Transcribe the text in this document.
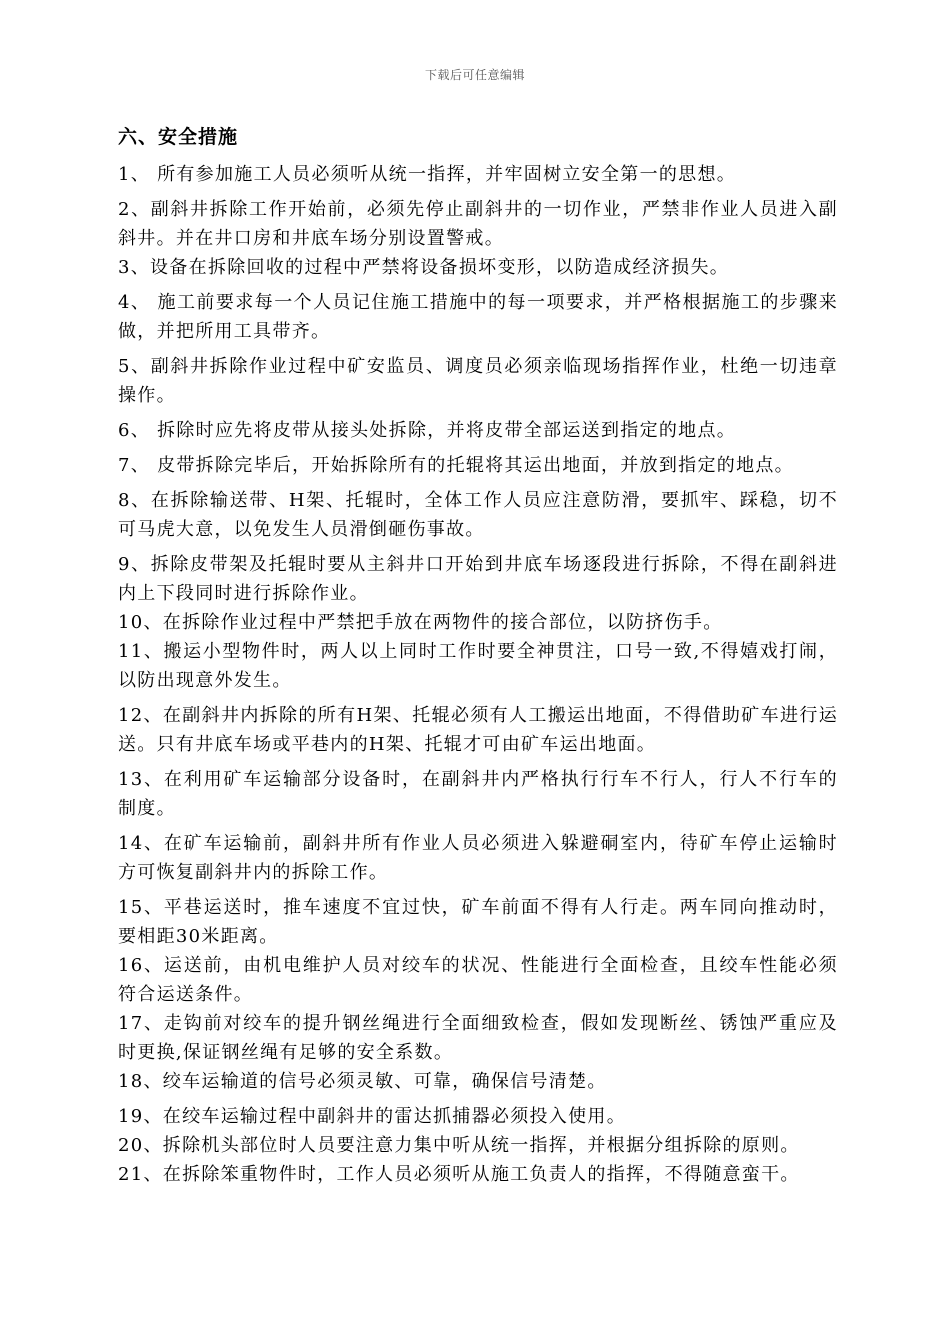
下载后可任意编辑

六、安全措施

1、 所有参加施工人员必须听从统一指挥，并牢固树立安全第一的思想。

2、副斜井拆除工作开始前，必须先停止副斜井的一切作业，严禁非作业人员进入副斜井。并在井口房和井底车场分别设置警戒。

3、设备在拆除回收的过程中严禁将设备损坏变形，以防造成经济损失。

4、 施工前要求每一个人员记住施工措施中的每一项要求，并严格根据施工的步骤来做，并把所用工具带齐。

5、副斜井拆除作业过程中矿安监员、调度员必须亲临现场指挥作业，杜绝一切违章操作。

6、 拆除时应先将皮带从接头处拆除，并将皮带全部运送到指定的地点。

7、 皮带拆除完毕后，开始拆除所有的托辊将其运出地面，并放到指定的地点。

8、在拆除输送带、H架、托辊时，全体工作人员应注意防滑，要抓牢、踩稳，切不可马虎大意，以免发生人员滑倒砸伤事故。

9、拆除皮带架及托辊时要从主斜井口开始到井底车场逐段进行拆除，不得在副斜进内上下段同时进行拆除作业。

10、在拆除作业过程中严禁把手放在两物件的接合部位，以防挤伤手。

11、搬运小型物件时，两人以上同时工作时要全神贯注，口号一致,不得嬉戏打闹，以防出现意外发生。

12、在副斜井内拆除的所有H架、托辊必须有人工搬运出地面，不得借助矿车进行运送。只有井底车场或平巷内的H架、托辊才可由矿车运出地面。

13、在利用矿车运输部分设备时，在副斜井内严格执行行车不行人，行人不行车的制度。

14、在矿车运输前，副斜井所有作业人员必须进入躲避硐室内，待矿车停止运输时方可恢复副斜井内的拆除工作。

15、平巷运送时，推车速度不宜过快，矿车前面不得有人行走。两车同向推动时，要相距30米距离。

16、运送前，由机电维护人员对绞车的状况、性能进行全面检查，且绞车性能必须符合运送条件。

17、走钩前对绞车的提升钢丝绳进行全面细致检查，假如发现断丝、锈蚀严重应及时更换,保证钢丝绳有足够的安全系数。

18、绞车运输道的信号必须灵敏、可靠，确保信号清楚。

19、在绞车运输过程中副斜井的雷达抓捕器必须投入使用。

20、拆除机头部位时人员要注意力集中听从统一指挥，并根据分组拆除的原则。

21、在拆除笨重物件时，工作人员必须听从施工负责人的指挥，不得随意蛮干。
